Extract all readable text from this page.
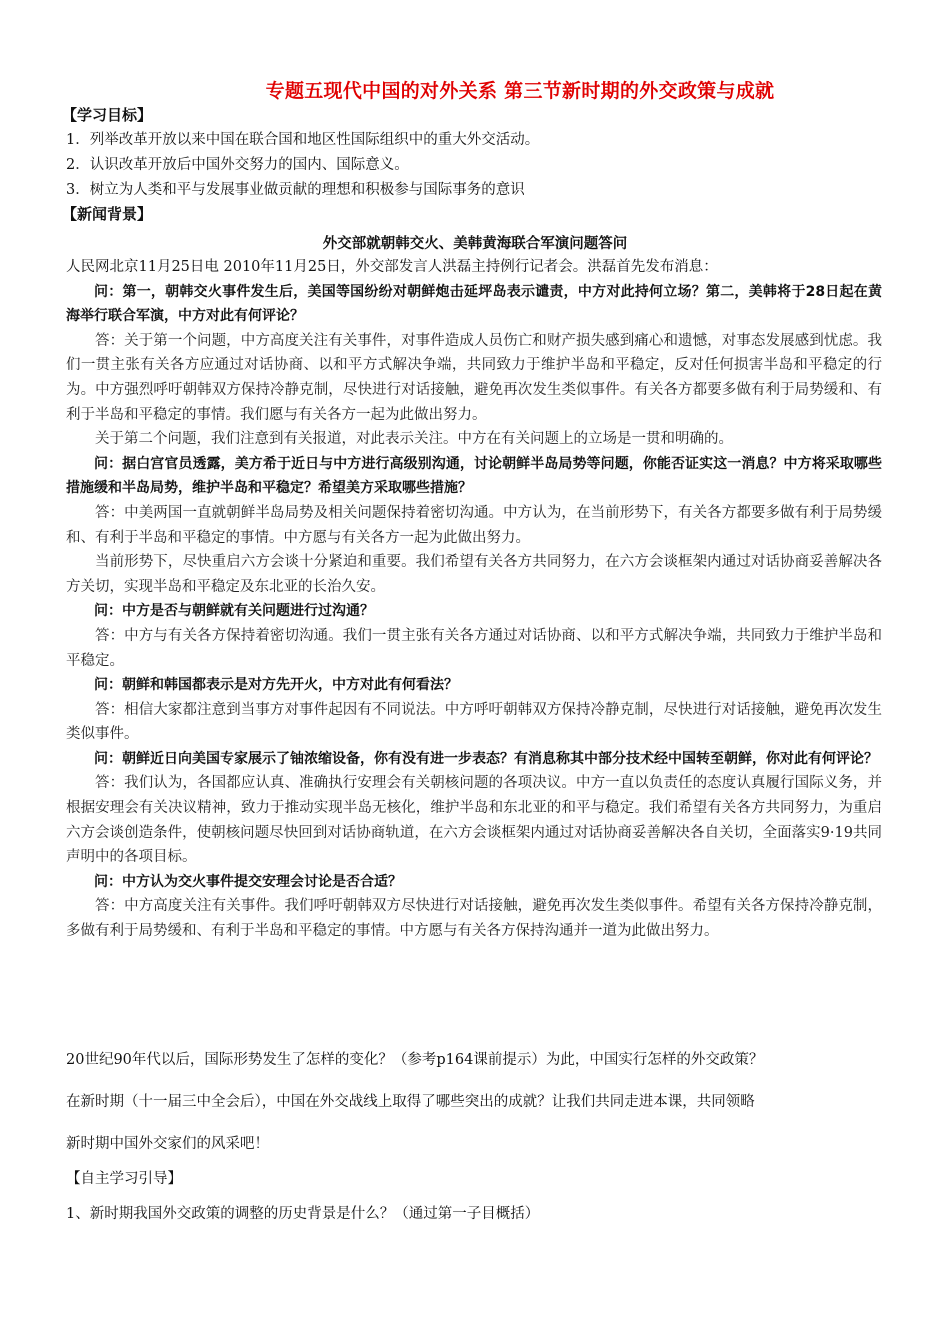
专题五现代中国的对外关系 第三节新时期的外交政策与成就
【学习目标】
1．列举改革开放以来中国在联合国和地区性国际组织中的重大外交活动。
2．认识改革开放后中国外交努力的国内、国际意义。
3．树立为人类和平与发展事业做贡献的理想和积极参与国际事务的意识
【新闻背景】
外交部就朝韩交火、美韩黄海联合军演问题答问

人民网北京11月25日电 2010年11月25日，外交部发言人洪磊主持例行记者会。洪磊首先发布消息：

问：第一，朝韩交火事件发生后，美国等国纷纷对朝鲜炮击延坪岛表示谴责，中方对此持何立场？第二，美韩将于28日起在黄海举行联合军演，中方对此有何评论？

答：关于第一个问题，中方高度关注有关事件，对事件造成人员伤亡和财产损失感到痛心和遗憾，对事态发展感到忧虑。我们一贯主张有关各方应通过对话协商、以和平方式解决争端，共同致力于维护半岛和平稳定，反对任何损害半岛和平稳定的行为。中方强烈呼吁朝韩双方保持冷静克制，尽快进行对话接触，避免再次发生类似事件。有关各方都要多做有利于局势缓和、有利于半岛和平稳定的事情。我们愿与有关各方一起为此做出努力。

关于第二个问题，我们注意到有关报道，对此表示关注。中方在有关问题上的立场是一贯和明确的。

问：据白宫官员透露，美方希于近日与中方进行高级别沟通，讨论朝鲜半岛局势等问题，你能否证实这一消息？中方将采取哪些措施缓和半岛局势，维护半岛和平稳定？希望美方采取哪些措施？

答：中美两国一直就朝鲜半岛局势及相关问题保持着密切沟通。中方认为，在当前形势下，有关各方都要多做有利于局势缓和、有利于半岛和平稳定的事情。中方愿与有关各方一起为此做出努力。

当前形势下，尽快重启六方会谈十分紧迫和重要。我们希望有关各方共同努力，在六方会谈框架内通过对话协商妥善解决各方关切，实现半岛和平稳定及东北亚的长治久安。

问：中方是否与朝鲜就有关问题进行过沟通？

答：中方与有关各方保持着密切沟通。我们一贯主张有关各方通过对话协商、以和平方式解决争端，共同致力于维护半岛和平稳定。

问：朝鲜和韩国都表示是对方先开火，中方对此有何看法？

答：相信大家都注意到当事方对事件起因有不同说法。中方呼吁朝韩双方保持冷静克制，尽快进行对话接触，避免再次发生类似事件。

问：朝鲜近日向美国专家展示了铀浓缩设备，你有没有进一步表态？有消息称其中部分技术经中国转至朝鲜，你对此有何评论？

答：我们认为，各国都应认真、准确执行安理会有关朝核问题的各项决议。中方一直以负责任的态度认真履行国际义务，并根据安理会有关决议精神，致力于推动实现半岛无核化，维护半岛和东北亚的和平与稳定。我们希望有关各方共同努力，为重启六方会谈创造条件，使朝核问题尽快回到对话协商轨道，在六方会谈框架内通过对话协商妥善解决各自关切，全面落实9·19共同声明中的各项目标。

问：中方认为交火事件提交安理会讨论是否合适？

答：中方高度关注有关事件。我们呼吁朝韩双方尽快进行对话接触，避免再次发生类似事件。希望有关各方保持冷静克制，多做有利于局势缓和、有利于半岛和平稳定的事情。中方愿与有关各方保持沟通并一道为此做出努力。

20世纪90年代以后，国际形势发生了怎样的变化？（参考p164课前提示）为此，中国实行怎样的外交政策？
在新时期（十一届三中全会后），中国在外交战线上取得了哪些突出的成就？让我们共同走进本课，共同领略
新时期中国外交家们的风采吧！
【自主学习引导】
1、新时期我国外交政策的调整的历史背景是什么？（通过第一子目概括）
